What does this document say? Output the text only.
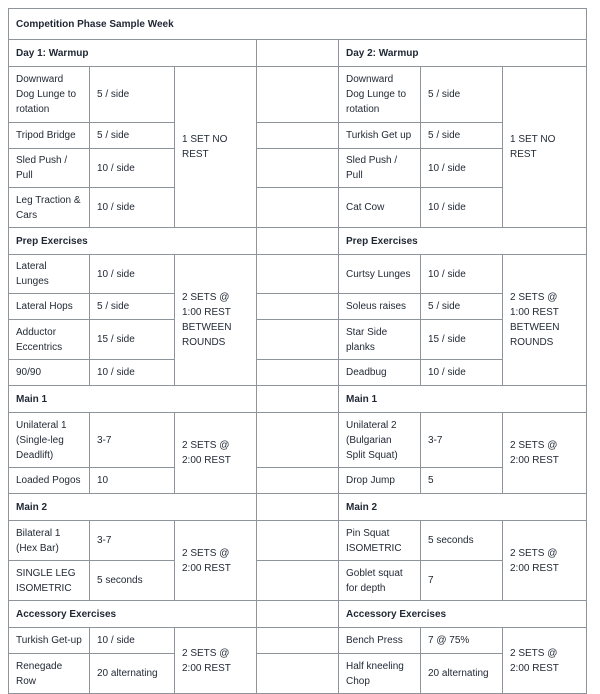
Competition Phase Sample Week						
Day 1: Warmup				Day 2: Warmup		
Downward Dog Lunge to rotation	5 / side	1 SET NO REST		Downward Dog Lunge to rotation	5 / side	1 SET NO REST
Tripod Bridge	5 / side			Turkish Get up	5 / side	
Sled Push / Pull	10 / side			Sled Push / Pull	10 / side	
Leg Traction & Cars	10 / side			Cat Cow	10 / side	
Prep Exercises				Prep Exercises		
Lateral Lunges	10 / side	2 SETS @ 1:00 REST BETWEEN ROUNDS		Curtsy Lunges	10 / side	2 SETS @ 1:00 REST BETWEEN ROUNDS
Lateral Hops	5 / side			Soleus raises	5 / side	
Adductor Eccentrics	15 / side			Star Side planks	15 / side	
90/90	10 / side			Deadbug	10 / side	
Main 1				Main 1		
Unilateral 1 (Single-leg Deadlift)	3-7	2 SETS @ 2:00 REST		Unilateral 2 (Bulgarian Split Squat)	3-7	2 SETS @ 2:00 REST
Loaded Pogos	10			Drop Jump	5	
Main 2				Main 2		
Bilateral 1 (Hex Bar)	3-7	2 SETS @ 2:00 REST		Pin Squat ISOMETRIC	5 seconds	2 SETS @ 2:00 REST
SINGLE LEG ISOMETRIC	5 seconds			Goblet squat for depth	7	
Accessory Exercises				Accessory Exercises		
Turkish Get-up	10 / side	2 SETS @ 2:00 REST		Bench Press	7 @ 75%	2 SETS @ 2:00 REST
Renegade Row	20 alternating			Half kneeling Chop	20 alternating	
